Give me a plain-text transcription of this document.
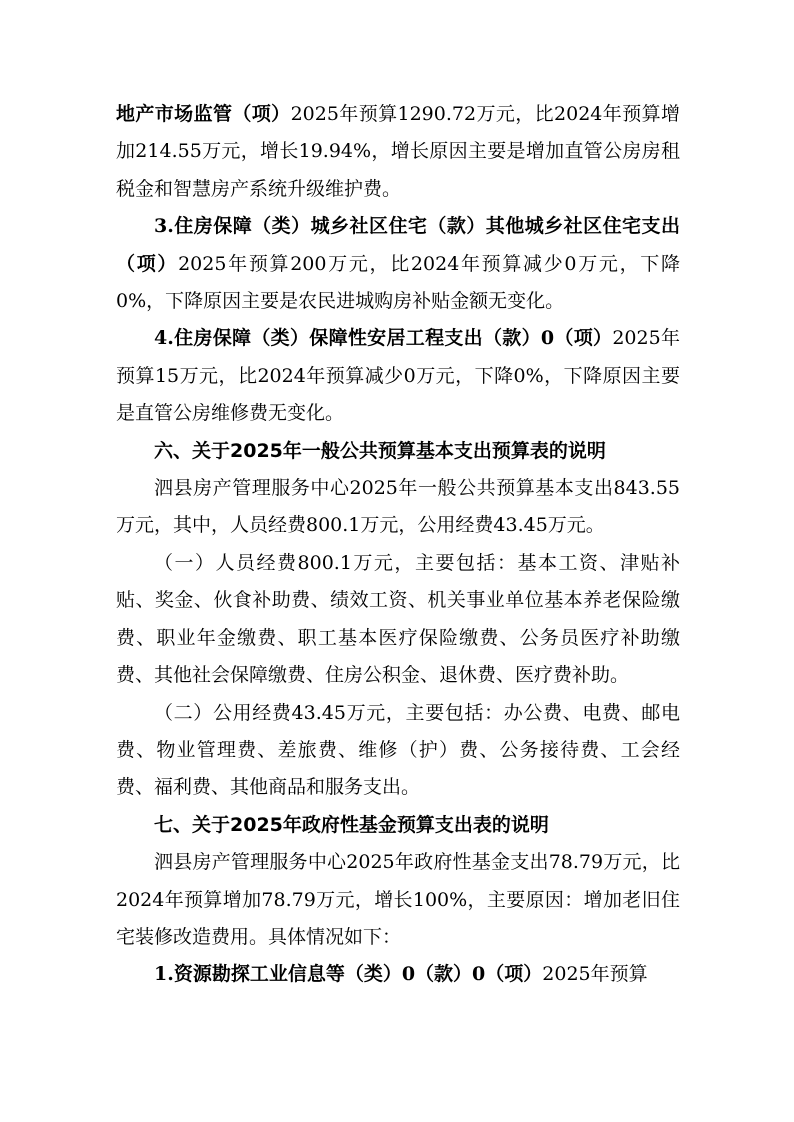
地产市场监管（项）2025年预算1290.72万元，比2024年预算增加214.55万元，增长19.94%，增长原因主要是增加直管公房房租税金和智慧房产系统升级维护费。

3.住房保障（类）城乡社区住宅（款）其他城乡社区住宅支出（项）2025年预算200万元，比2024年预算减少0万元，下降0%，下降原因主要是农民进城购房补贴金额无变化。

4.住房保障（类）保障性安居工程支出（款）0（项）2025年预算15万元，比2024年预算减少0万元，下降0%，下降原因主要是直管公房维修费无变化。

六、关于2025年一般公共预算基本支出预算表的说明

泗县房产管理服务中心2025年一般公共预算基本支出843.55万元，其中，人员经费800.1万元，公用经费43.45万元。

（一）人员经费800.1万元，主要包括：基本工资、津贴补贴、奖金、伙食补助费、绩效工资、机关事业单位基本养老保险缴费、职业年金缴费、职工基本医疗保险缴费、公务员医疗补助缴费、其他社会保障缴费、住房公积金、退休费、医疗费补助。

（二）公用经费43.45万元，主要包括：办公费、电费、邮电费、物业管理费、差旅费、维修（护）费、公务接待费、工会经费、福利费、其他商品和服务支出。

七、关于2025年政府性基金预算支出表的说明

泗县房产管理服务中心2025年政府性基金支出78.79万元，比2024年预算增加78.79万元，增长100%，主要原因：增加老旧住宅装修改造费用。具体情况如下：

1.资源勘探工业信息等（类）0（款）0（项）2025年预算
